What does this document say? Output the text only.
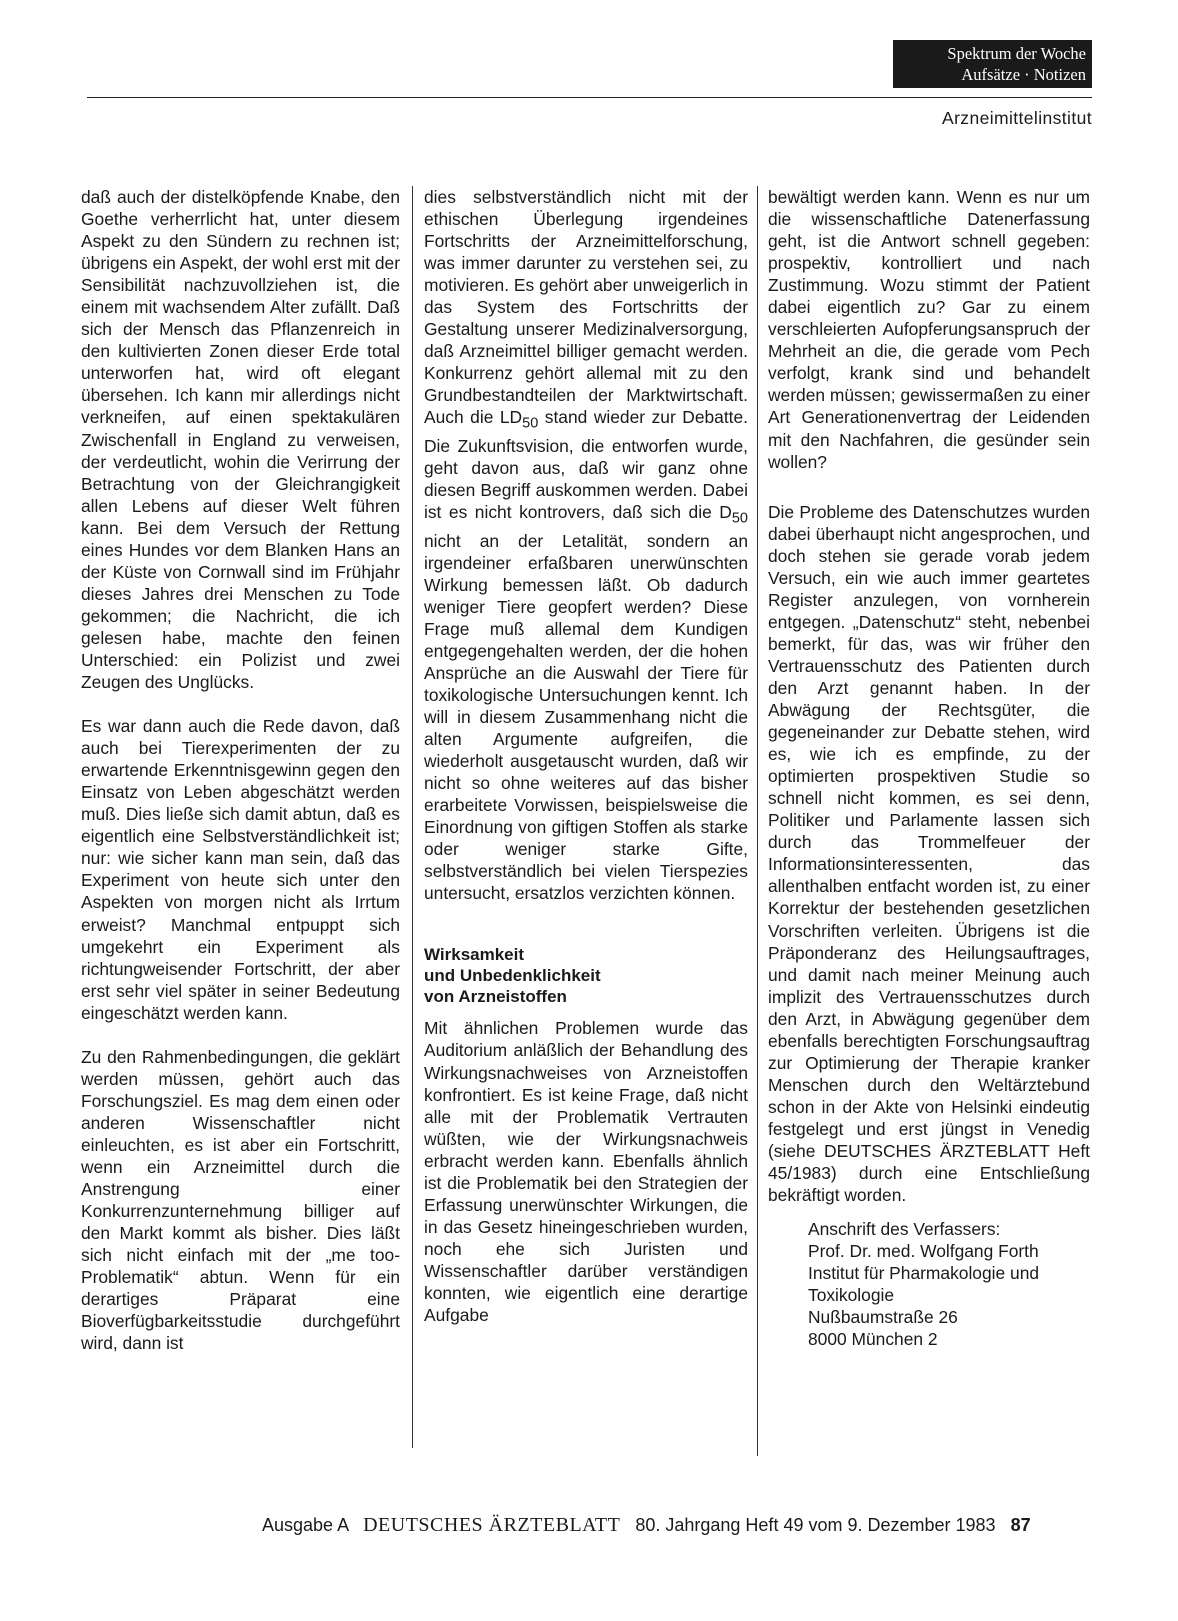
Spektrum der Woche
Aufsätze · Notizen
Arzneimittelinstitut

daß auch der distelköpfende Knabe, den Goethe verherrlicht hat, unter diesem Aspekt zu den Sündern zu rechnen ist; übrigens ein Aspekt, der wohl erst mit der Sensibilität nachzuvollziehen ist, die einem mit wachsendem Alter zufällt. Daß sich der Mensch das Pflanzenreich in den kultivierten Zonen dieser Erde total unterworfen hat, wird oft elegant übersehen. Ich kann mir allerdings nicht verkneifen, auf einen spektakulären Zwischenfall in England zu verweisen, der verdeutlicht, wohin die Verirrung der Betrachtung von der Gleichrangigkeit allen Lebens auf dieser Welt führen kann. Bei dem Versuch der Rettung eines Hundes vor dem Blanken Hans an der Küste von Cornwall sind im Frühjahr dieses Jahres drei Menschen zu Tode gekommen; die Nachricht, die ich gelesen habe, machte den feinen Unterschied: ein Polizist und zwei Zeugen des Unglücks.

Es war dann auch die Rede davon, daß auch bei Tierexperimenten der zu erwartende Erkenntnisgewinn gegen den Einsatz von Leben abgeschätzt werden muß. Dies ließe sich damit abtun, daß es eigentlich eine Selbstverständlichkeit ist; nur: wie sicher kann man sein, daß das Experiment von heute sich unter den Aspekten von morgen nicht als Irrtum erweist? Manchmal entpuppt sich umgekehrt ein Experiment als richtungweisender Fortschritt, der aber erst sehr viel später in seiner Bedeutung eingeschätzt werden kann.

Zu den Rahmenbedingungen, die geklärt werden müssen, gehört auch das Forschungsziel. Es mag dem einen oder anderen Wissenschaftler nicht einleuchten, es ist aber ein Fortschritt, wenn ein Arzneimittel durch die Anstrengung einer Konkurrenzunternehmung billiger auf den Markt kommt als bisher. Dies läßt sich nicht einfach mit der „me too-Problematik“ abtun. Wenn für ein derartiges Präparat eine Bioverfügbarkeitsstudie durchgeführt wird, dann ist

dies selbstverständlich nicht mit der ethischen Überlegung irgendeines Fortschritts der Arzneimittelforschung, was immer darunter zu verstehen sei, zu motivieren. Es gehört aber unweigerlich in das System des Fortschritts der Gestaltung unserer Medizinalversorgung, daß Arzneimittel billiger gemacht werden. Konkurrenz gehört allemal mit zu den Grundbestandteilen der Marktwirtschaft. Auch die $LD_{50}$ stand wieder zur Debatte. Die Zukunftsvision, die entworfen wurde, geht davon aus, daß wir ganz ohne diesen Begriff auskommen werden. Dabei ist es nicht kontrovers, daß sich die $D_{50}$ nicht an der Letalität, sondern an irgendeiner erfaßbaren unerwünschten Wirkung bemessen läßt. Ob dadurch weniger Tiere geopfert werden? Diese Frage muß allemal dem Kundigen entgegengehalten werden, der die hohen Ansprüche an die Auswahl der Tiere für toxikologische Untersuchungen kennt. Ich will in diesem Zusammenhang nicht die alten Argumente aufgreifen, die wiederholt ausgetauscht wurden, daß wir nicht so ohne weiteres auf das bisher erarbeitete Vorwissen, beispielsweise die Einordnung von giftigen Stoffen als starke oder weniger starke Gifte, selbstverständlich bei vielen Tierspezies untersucht, ersatzlos verzichten können.

Wirksamkeit

und Unbedenklichkeit

von Arzneistoffen

Mit ähnlichen Problemen wurde das Auditorium anläßlich der Behandlung des Wirkungsnachweises von Arzneistoffen konfrontiert. Es ist keine Frage, daß nicht alle mit der Problematik Vertrauten wüßten, wie der Wirkungsnachweis erbracht werden kann. Ebenfalls ähnlich ist die Problematik bei den Strategien der Erfassung unerwünschter Wirkungen, die in das Gesetz hineingeschrieben wurden, noch ehe sich Juristen und Wissenschaftler darüber verständigen konnten, wie eigentlich eine derartige Aufgabe

bewältigt werden kann. Wenn es nur um die wissenschaftliche Datenerfassung geht, ist die Antwort schnell gegeben: prospektiv, kontrolliert und nach Zustimmung. Wozu stimmt der Patient dabei eigentlich zu? Gar zu einem verschleierten Aufopferungsanspruch der Mehrheit an die, die gerade vom Pech verfolgt, krank sind und behandelt werden müssen; gewissermaßen zu einer Art Generationenvertrag der Leidenden mit den Nachfahren, die gesünder sein wollen?

Die Probleme des Datenschutzes wurden dabei überhaupt nicht angesprochen, und doch stehen sie gerade vorab jedem Versuch, ein wie auch immer geartetes Register anzulegen, von vornherein entgegen. „Datenschutz“ steht, nebenbei bemerkt, für das, was wir früher den Vertrauensschutz des Patienten durch den Arzt genannt haben. In der Abwägung der Rechtsgüter, die gegeneinander zur Debatte stehen, wird es, wie ich es empfinde, zu der optimierten prospektiven Studie so schnell nicht kommen, es sei denn, Politiker und Parlamente lassen sich durch das Trommelfeuer der Informationsinteressenten, das allenthalben entfacht worden ist, zu einer Korrektur der bestehenden gesetzlichen Vorschriften verleiten. Übrigens ist die Präponderanz des Heilungsauftrages, und damit nach meiner Meinung auch implizit des Vertrauensschutzes durch den Arzt, in Abwägung gegenüber dem ebenfalls berechtigten Forschungsauftrag zur Optimierung der Therapie kranker Menschen durch den Weltärztebund schon in der Akte von Helsinki eindeutig festgelegt und erst jüngst in Venedig (siehe DEUTSCHES ÄRZTEBLATT Heft 45/1983) durch eine Entschließung bekräftigt worden.

Anschrift des Verfassers:
Prof. Dr. med. Wolfgang Forth
Institut für Pharmakologie und
Toxikologie
Nußbaumstraße 26
8000 München 2
Ausgabe A DEUTSCHES ÄRZTEBLATT 80. Jahrgang Heft 49 vom 9. Dezember 1983 87
